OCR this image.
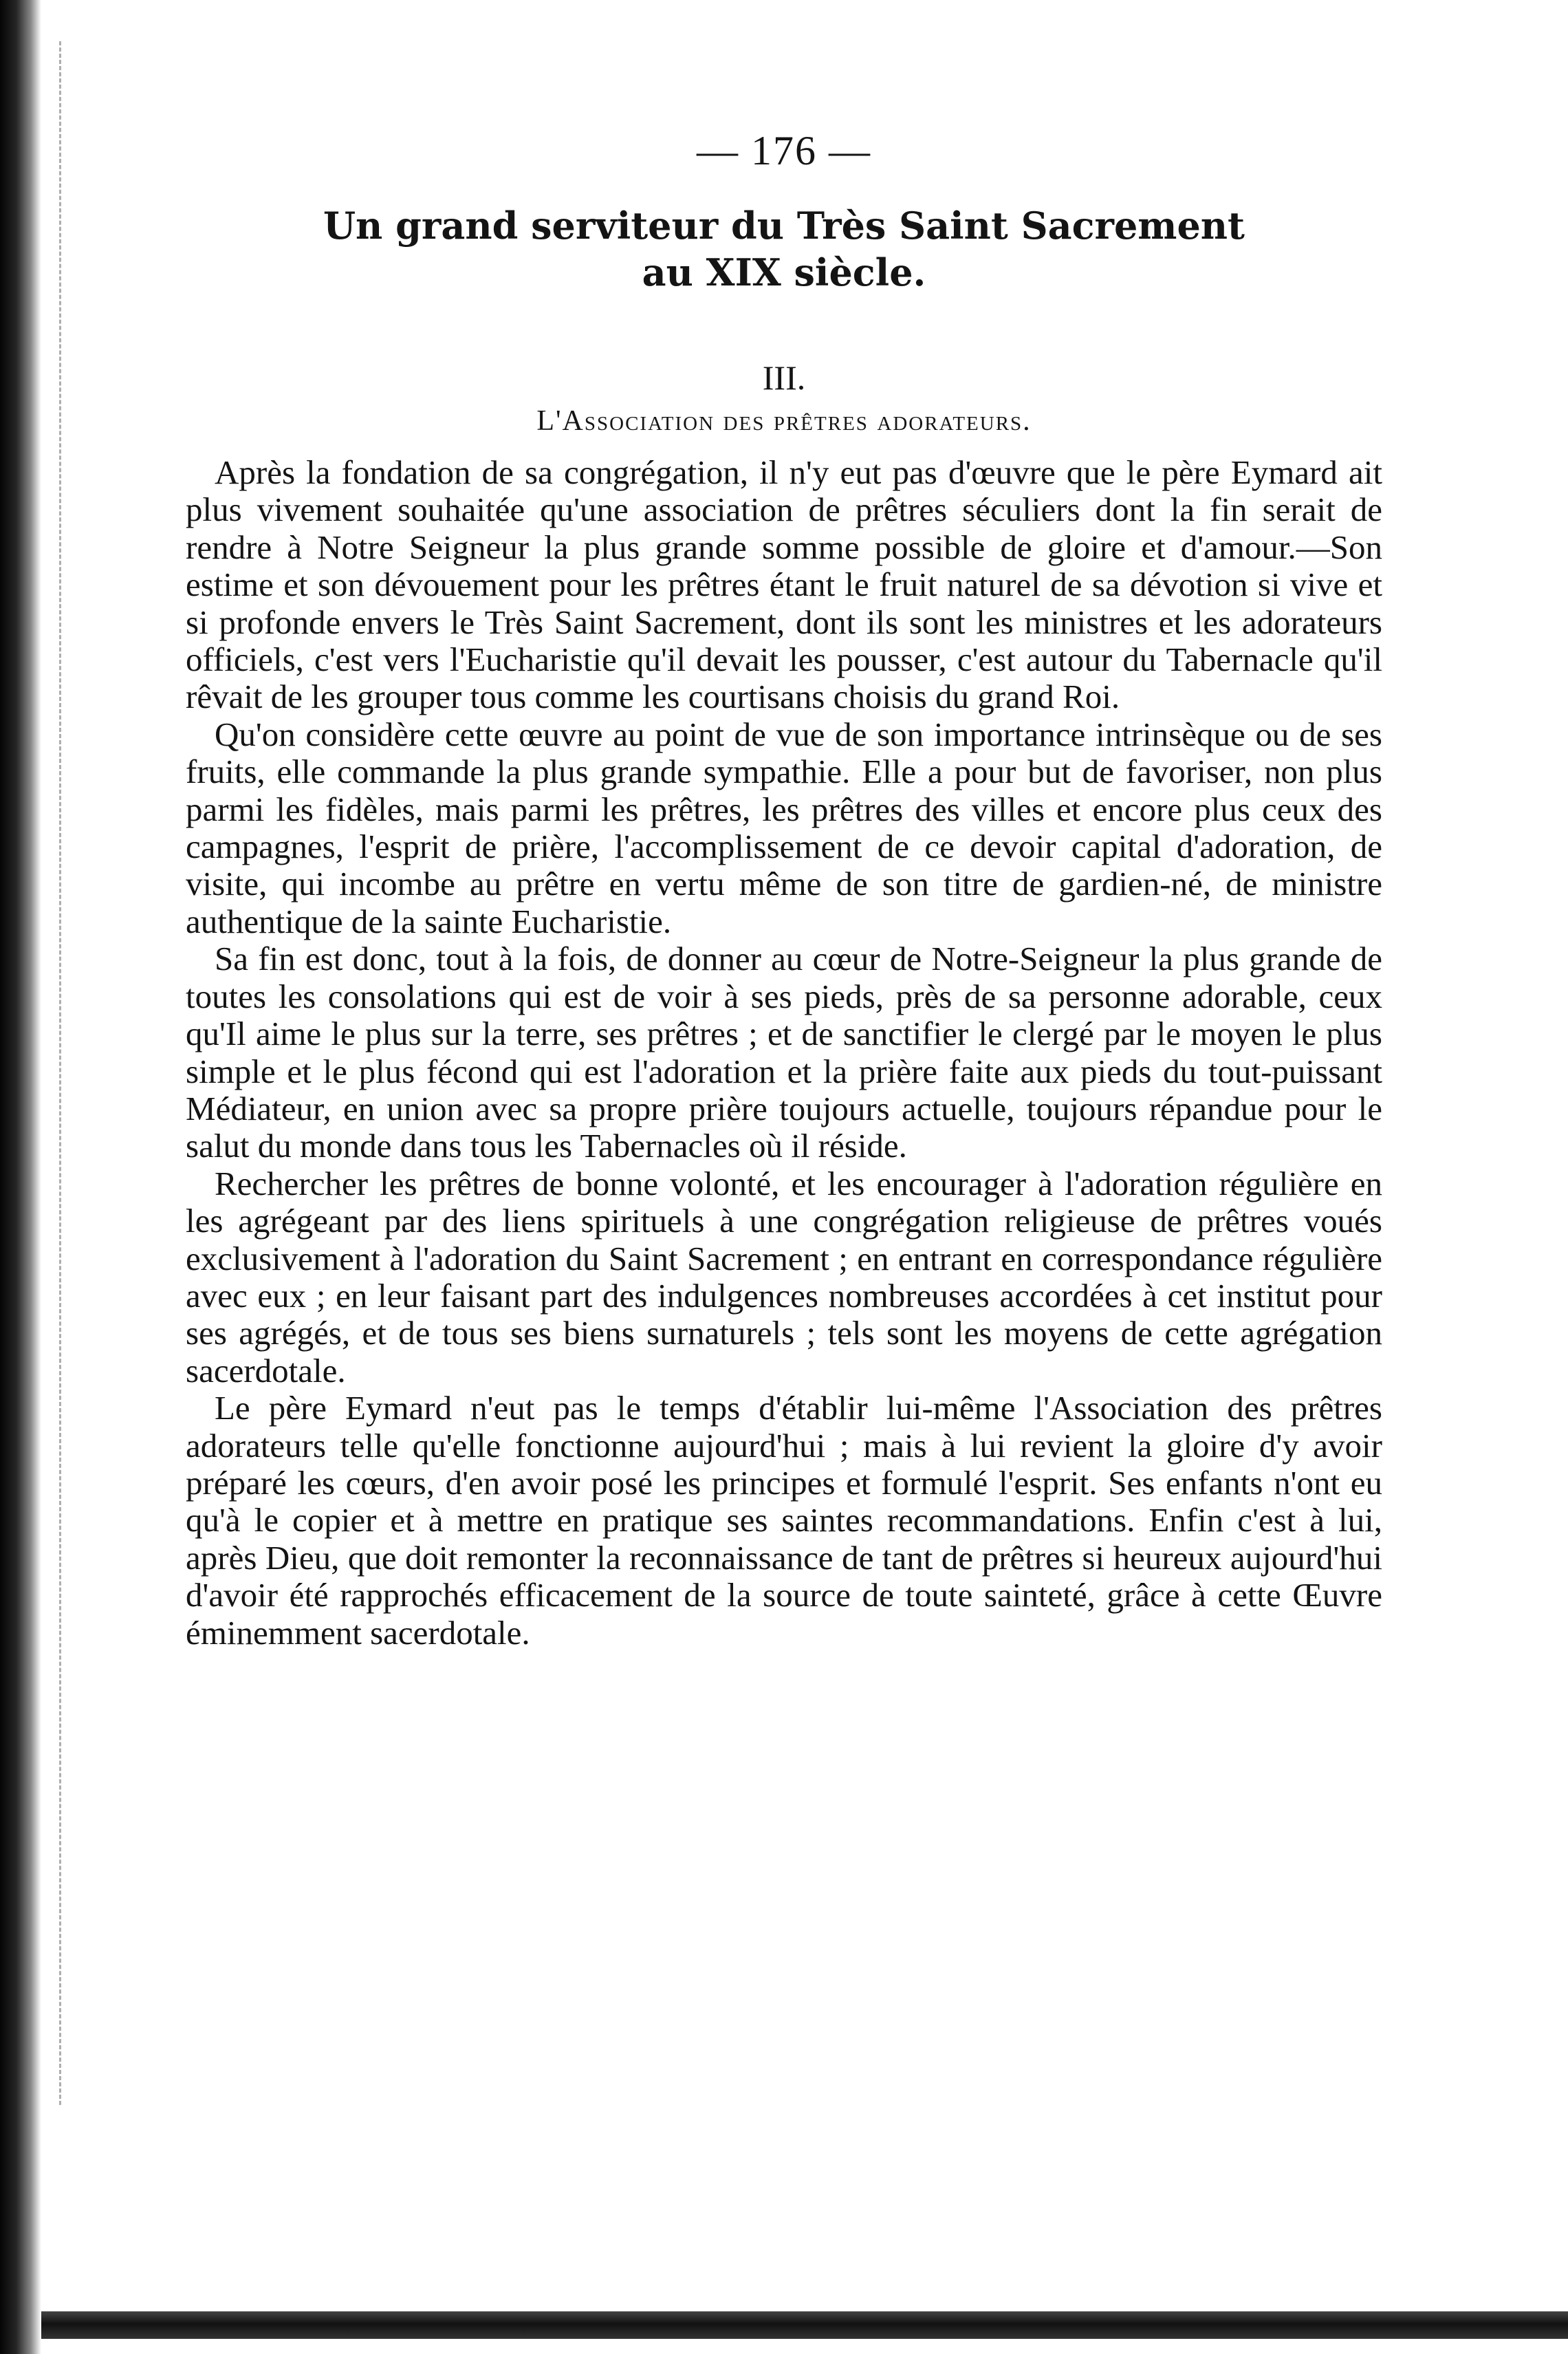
— 176 —
Un grand serviteur du Très Saint Sacrement
au XIX siècle.
III.
L'Association des prêtres adorateurs.

Après la fondation de sa congrégation, il n'y eut pas d'œuvre que le père Eymard ait plus vivement souhaitée qu'une association de prêtres séculiers dont la fin serait de rendre à Notre Seigneur la plus grande somme possible de gloire et d'amour.—Son estime et son dévouement pour les prêtres étant le fruit naturel de sa dévotion si vive et si profonde envers le Très Saint Sacrement, dont ils sont les ministres et les adorateurs officiels, c'est vers l'Eucharistie qu'il devait les pousser, c'est autour du Tabernacle qu'il rêvait de les grouper tous comme les courtisans choisis du grand Roi.

Qu'on considère cette œuvre au point de vue de son importance intrinsèque ou de ses fruits, elle commande la plus grande sympathie. Elle a pour but de favoriser, non plus parmi les fidèles, mais parmi les prêtres, les prêtres des villes et encore plus ceux des campagnes, l'esprit de prière, l'accomplissement de ce devoir capital d'adoration, de visite, qui incombe au prêtre en vertu même de son titre de gardien-né, de ministre authentique de la sainte Eucharistie.

Sa fin est donc, tout à la fois, de donner au cœur de Notre-Seigneur la plus grande de toutes les consolations qui est de voir à ses pieds, près de sa personne adorable, ceux qu'Il aime le plus sur la terre, ses prêtres ; et de sanctifier le clergé par le moyen le plus simple et le plus fécond qui est l'adoration et la prière faite aux pieds du tout-puissant Médiateur, en union avec sa propre prière toujours actuelle, toujours répandue pour le salut du monde dans tous les Tabernacles où il réside.

Rechercher les prêtres de bonne volonté, et les encourager à l'adoration régulière en les agrégeant par des liens spirituels à une congrégation religieuse de prêtres voués exclusivement à l'adoration du Saint Sacrement ; en entrant en correspondance régulière avec eux ; en leur faisant part des indulgences nombreuses accordées à cet institut pour ses agrégés, et de tous ses biens surnaturels ; tels sont les moyens de cette agrégation sacerdotale.

Le père Eymard n'eut pas le temps d'établir lui-même l'Association des prêtres adorateurs telle qu'elle fonctionne aujourd'hui ; mais à lui revient la gloire d'y avoir préparé les cœurs, d'en avoir posé les principes et formulé l'esprit. Ses enfants n'ont eu qu'à le copier et à mettre en pratique ses saintes recommandations. Enfin c'est à lui, après Dieu, que doit remonter la reconnaissance de tant de prêtres si heureux aujourd'hui d'avoir été rapprochés efficacement de la source de toute sainteté, grâce à cette Œuvre éminemment sacerdotale.
